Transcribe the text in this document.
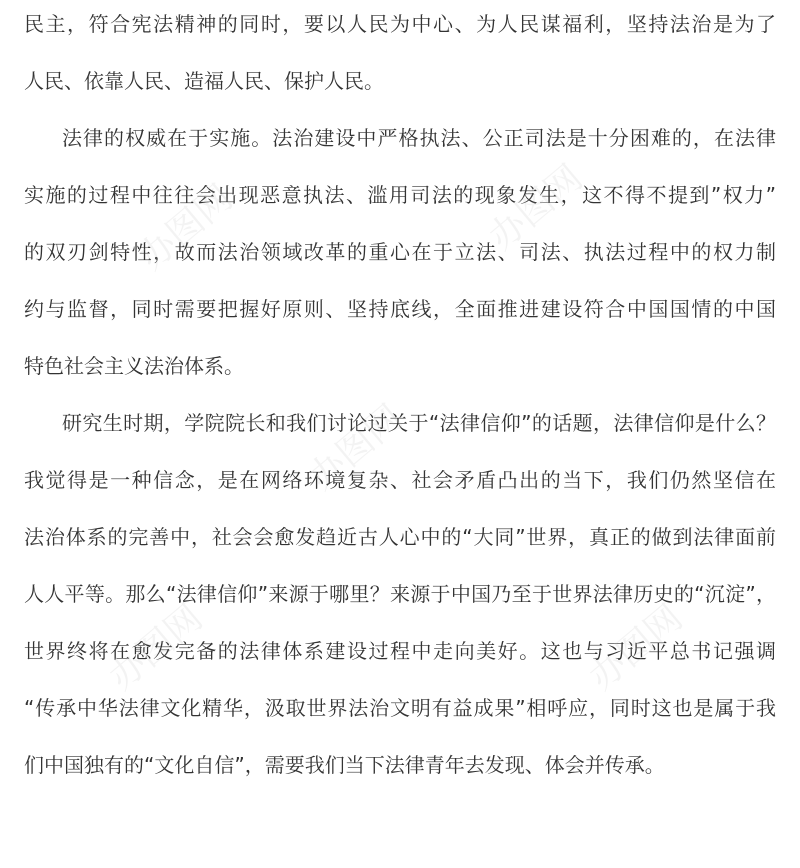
民主，符合宪法精神的同时，要以人民为中心、为人民谋福利，坚持法治是为了
人民、依靠人民、造福人民、保护人民。
法律的权威在于实施。法治建设中严格执法、公正司法是十分困难的，在法律
实施的过程中往往会出现恶意执法、滥用司法的现象发生，这不得不提到”权力”
的双刃剑特性，故而法治领域改革的重心在于立法、司法、执法过程中的权力制
约与监督，同时需要把握好原则、坚持底线，全面推进建设符合中国国情的中国
特色社会主义法治体系。
研究生时期，学院院长和我们讨论过关于“法律信仰”的话题，法律信仰是什么？
我觉得是一种信念，是在网络环境复杂、社会矛盾凸出的当下，我们仍然坚信在
法治体系的完善中，社会会愈发趋近古人心中的“大同”世界，真正的做到法律面前
人人平等。那么“法律信仰”来源于哪里？来源于中国乃至于世界法律历史的“沉淀”，
世界终将在愈发完备的法律体系建设过程中走向美好。这也与习近平总书记强调
“传承中华法律文化精华，汲取世界法治文明有益成果”相呼应，同时这也是属于我
们中国独有的“文化自信”，需要我们当下法律青年去发现、体会并传承。
办图网	办图网
办图网
办图网	办图网
